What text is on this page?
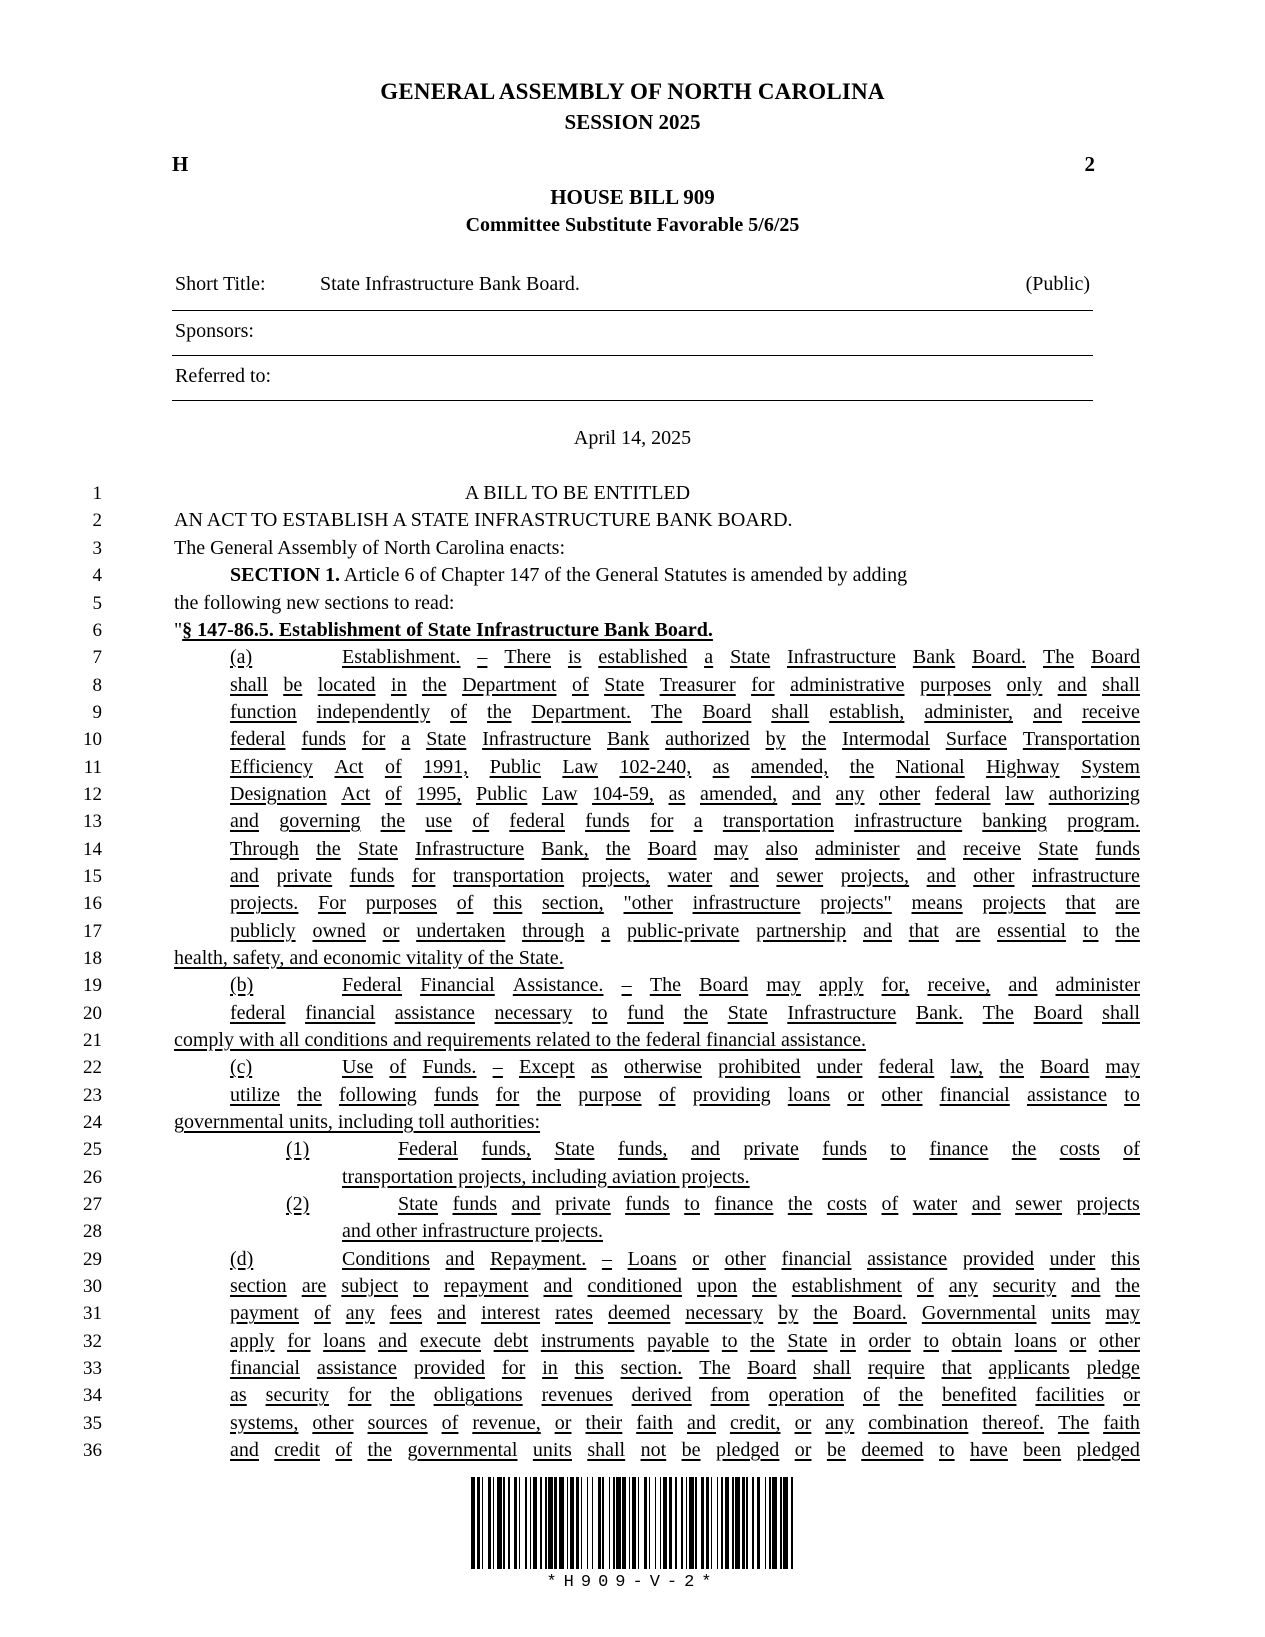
GENERAL ASSEMBLY OF NORTH CAROLINA
SESSION 2025
H	2
HOUSE BILL 909
Committee Substitute Favorable 5/6/25
Short Title:	State Infrastructure Bank Board.	(Public)
Sponsors:
Referred to:
April 14, 2025
1	A BILL TO BE ENTITLED
2	AN ACT TO ESTABLISH A STATE INFRASTRUCTURE BANK BOARD.
3	The General Assembly of North Carolina enacts:
4	SECTION 1. Article 6 of Chapter 147 of the General Statutes is amended by adding
5	the following new sections to read:
6	"§ 147-86.5. Establishment of State Infrastructure Bank Board.
7	(a)	Establishment. – There is established a State Infrastructure Bank Board. The Board
8	shall be located in the Department of State Treasurer for administrative purposes only and shall
9	function independently of the Department. The Board shall establish, administer, and receive
10	federal funds for a State Infrastructure Bank authorized by the Intermodal Surface Transportation
11	Efficiency Act of 1991, Public Law 102-240, as amended, the National Highway System
12	Designation Act of 1995, Public Law 104-59, as amended, and any other federal law authorizing
13	and governing the use of federal funds for a transportation infrastructure banking program.
14	Through the State Infrastructure Bank, the Board may also administer and receive State funds
15	and private funds for transportation projects, water and sewer projects, and other infrastructure
16	projects. For purposes of this section, "other infrastructure projects" means projects that are
17	publicly owned or undertaken through a public-private partnership and that are essential to the
18	health, safety, and economic vitality of the State.
19	(b)	Federal Financial Assistance. – The Board may apply for, receive, and administer
20	federal financial assistance necessary to fund the State Infrastructure Bank. The Board shall
21	comply with all conditions and requirements related to the federal financial assistance.
22	(c)	Use of Funds. – Except as otherwise prohibited under federal law, the Board may
23	utilize the following funds for the purpose of providing loans or other financial assistance to
24	governmental units, including toll authorities:
25	(1)	Federal funds, State funds, and private funds to finance the costs of
26	transportation projects, including aviation projects.
27	(2)	State funds and private funds to finance the costs of water and sewer projects
28	and other infrastructure projects.
29	(d)	Conditions and Repayment. – Loans or other financial assistance provided under this
30	section are subject to repayment and conditioned upon the establishment of any security and the
31	payment of any fees and interest rates deemed necessary by the Board. Governmental units may
32	apply for loans and execute debt instruments payable to the State in order to obtain loans or other
33	financial assistance provided for in this section. The Board shall require that applicants pledge
34	as security for the obligations revenues derived from operation of the benefited facilities or
35	systems, other sources of revenue, or their faith and credit, or any combination thereof. The faith
36	and credit of the governmental units shall not be pledged or be deemed to have been pledged
*H909-V-2*
